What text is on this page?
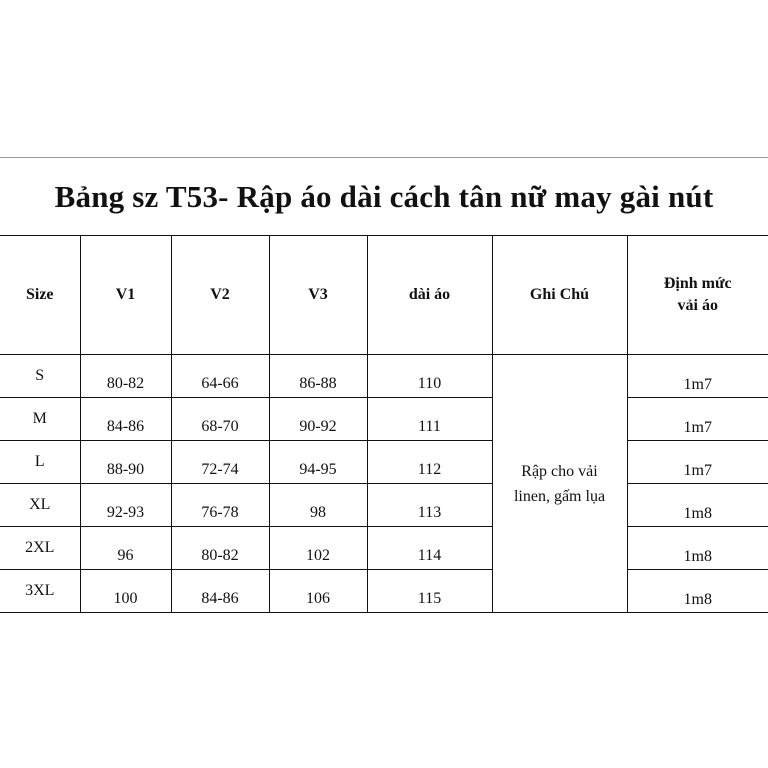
Bảng sz T53- Rập áo dài cách tân nữ may gài nút
Size	V1	V2	V3	dài áo	Ghi Chú	Định mức
vải áo
S	80-82	64-66	86-88	110	Rập cho vải linen, gấm lụa	1m7
M	84-86	68-70	90-92	111		1m7
L	88-90	72-74	94-95	112		1m7
XL	92-93	76-78	98	113		1m8
2XL	96	80-82	102	114		1m8
3XL	100	84-86	106	115		1m8
